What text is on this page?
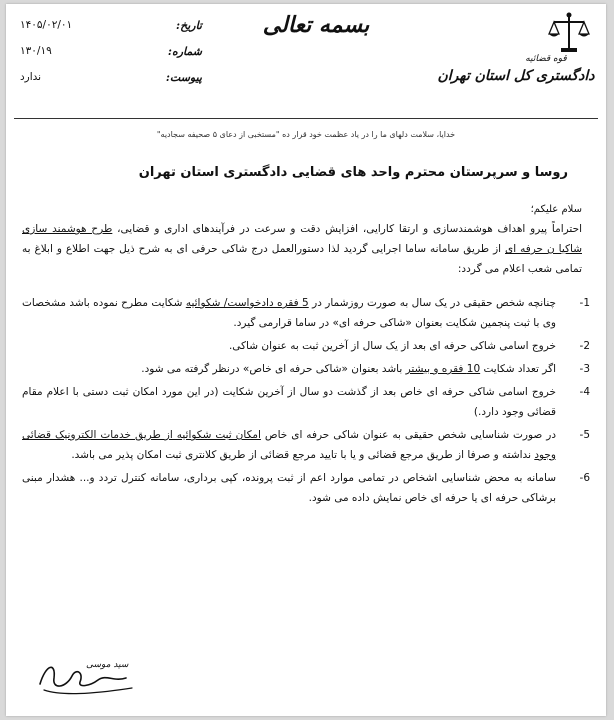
تاریخ:
۱۴۰۵/۰۲/۰۱
شماره:
۱۳۰/۱۹
پیوست:
ندارد
بسمه تعالی
قوه قضائیه
دادگستری کل استان تهران
خدایا، سلامت دلهای ما را در یاد عظمت خود قرار ده "مستخبی از دعای ۵ صحیفه سجادیه"
روسا و سرپرستان محترم واحد های قضایی دادگستری استان تهران
سلام علیکم؛
احتراماً پیرو اهداف هوشمندسازی و ارتقا کارایی، افزایش دقت و سرعت در فرآیندهای اداری و قضایی، طرح هوشمند سازی شاکیا ن حرفه ای از طریق سامانه ساما اجرایی گردید لذا دستورالعمل درج شاکی حرفی ای به شرح ذیل جهت اطلاع و ابلاغ به تمامی شعب اعلام می گردد:
1-
چنانچه شخص حقیقی در یک سال به صورت روزشمار در 5 فقره دادخواست/ شکوائیه شکایت مطرح نموده باشد مشخصات وی با ثبت پنجمین شکایت بعنوان «شاکی حرفه ای» در ساما قرارمی گیرد.
2-
خروج اسامی شاکی حرفه ای بعد از یک سال از آخرین ثبت به عنوان شاکی.
3-
اگر تعداد شکایت 10 فقره و بیشتر باشد بعنوان «شاکی حرفه ای خاص» درنظر گرفته می شود.
4-
خروج اسامی شاکی حرفه ای خاص بعد از گذشت دو سال از آخرین شکایت (در این مورد امکان ثبت دستی با اعلام مقام قضائی وجود دارد.)
5-
در صورت شناسایی شخص حقیقی به عنوان شاکی حرفه ای خاص امکان ثبت شکوائیه از طریق خدمات الکترونیک قضائی وجود نداشته و صرفا از طریق مرجع قضائی و یا با تایید مرجع قضائی از طریق کلانتری ثبت امکان پذیر می باشد.
6-
سامانه به محض شناسایی اشخاص در تمامی موارد اعم از ثبت پرونده، کپی برداری، سامانه کنترل تردد و... هشدار مبنی برشاکی حرفه ای یا حرفه ای خاص نمایش داده می شود.
سید موسی
